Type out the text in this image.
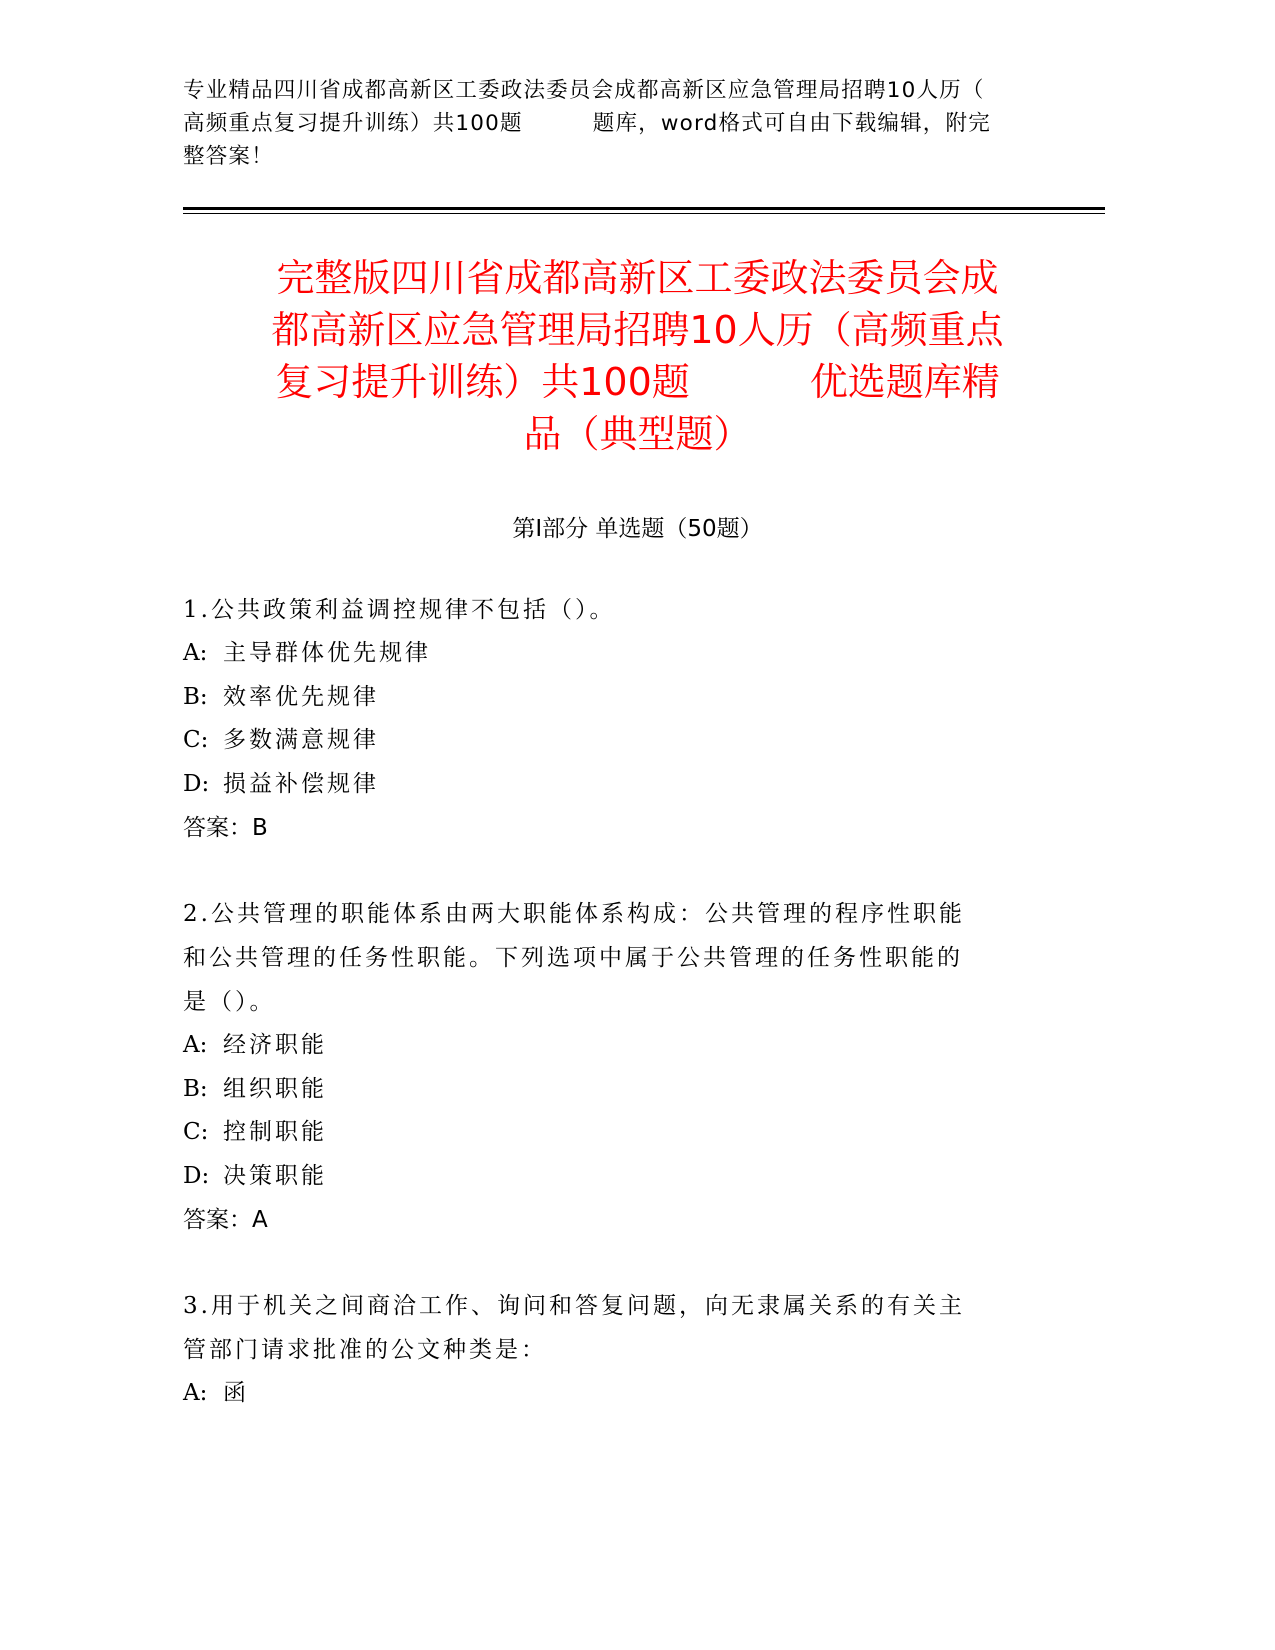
专业精品四川省成都高新区工委政法委员会成都高新区应急管理局招聘10人历（
高频重点复习提升训练）共100题	题库，word格式可自由下载编辑，附完
整答案！
完整版四川省成都高新区工委政法委员会成
都高新区应急管理局招聘10人历（高频重点
复习提升训练）共100题	优选题库精
品（典型题）
第Ⅰ部分 单选题（50题）
1.公共政策利益调控规律不包括（）。
A: 主导群体优先规律
B: 效率优先规律
C: 多数满意规律
D: 损益补偿规律
答案：B
2.公共管理的职能体系由两大职能体系构成：公共管理的程序性职能
和公共管理的任务性职能。下列选项中属于公共管理的任务性职能的
是（）。
A: 经济职能
B: 组织职能
C: 控制职能
D: 决策职能
答案：A
3.用于机关之间商洽工作、询问和答复问题，向无隶属关系的有关主
管部门请求批准的公文种类是：
A: 函
